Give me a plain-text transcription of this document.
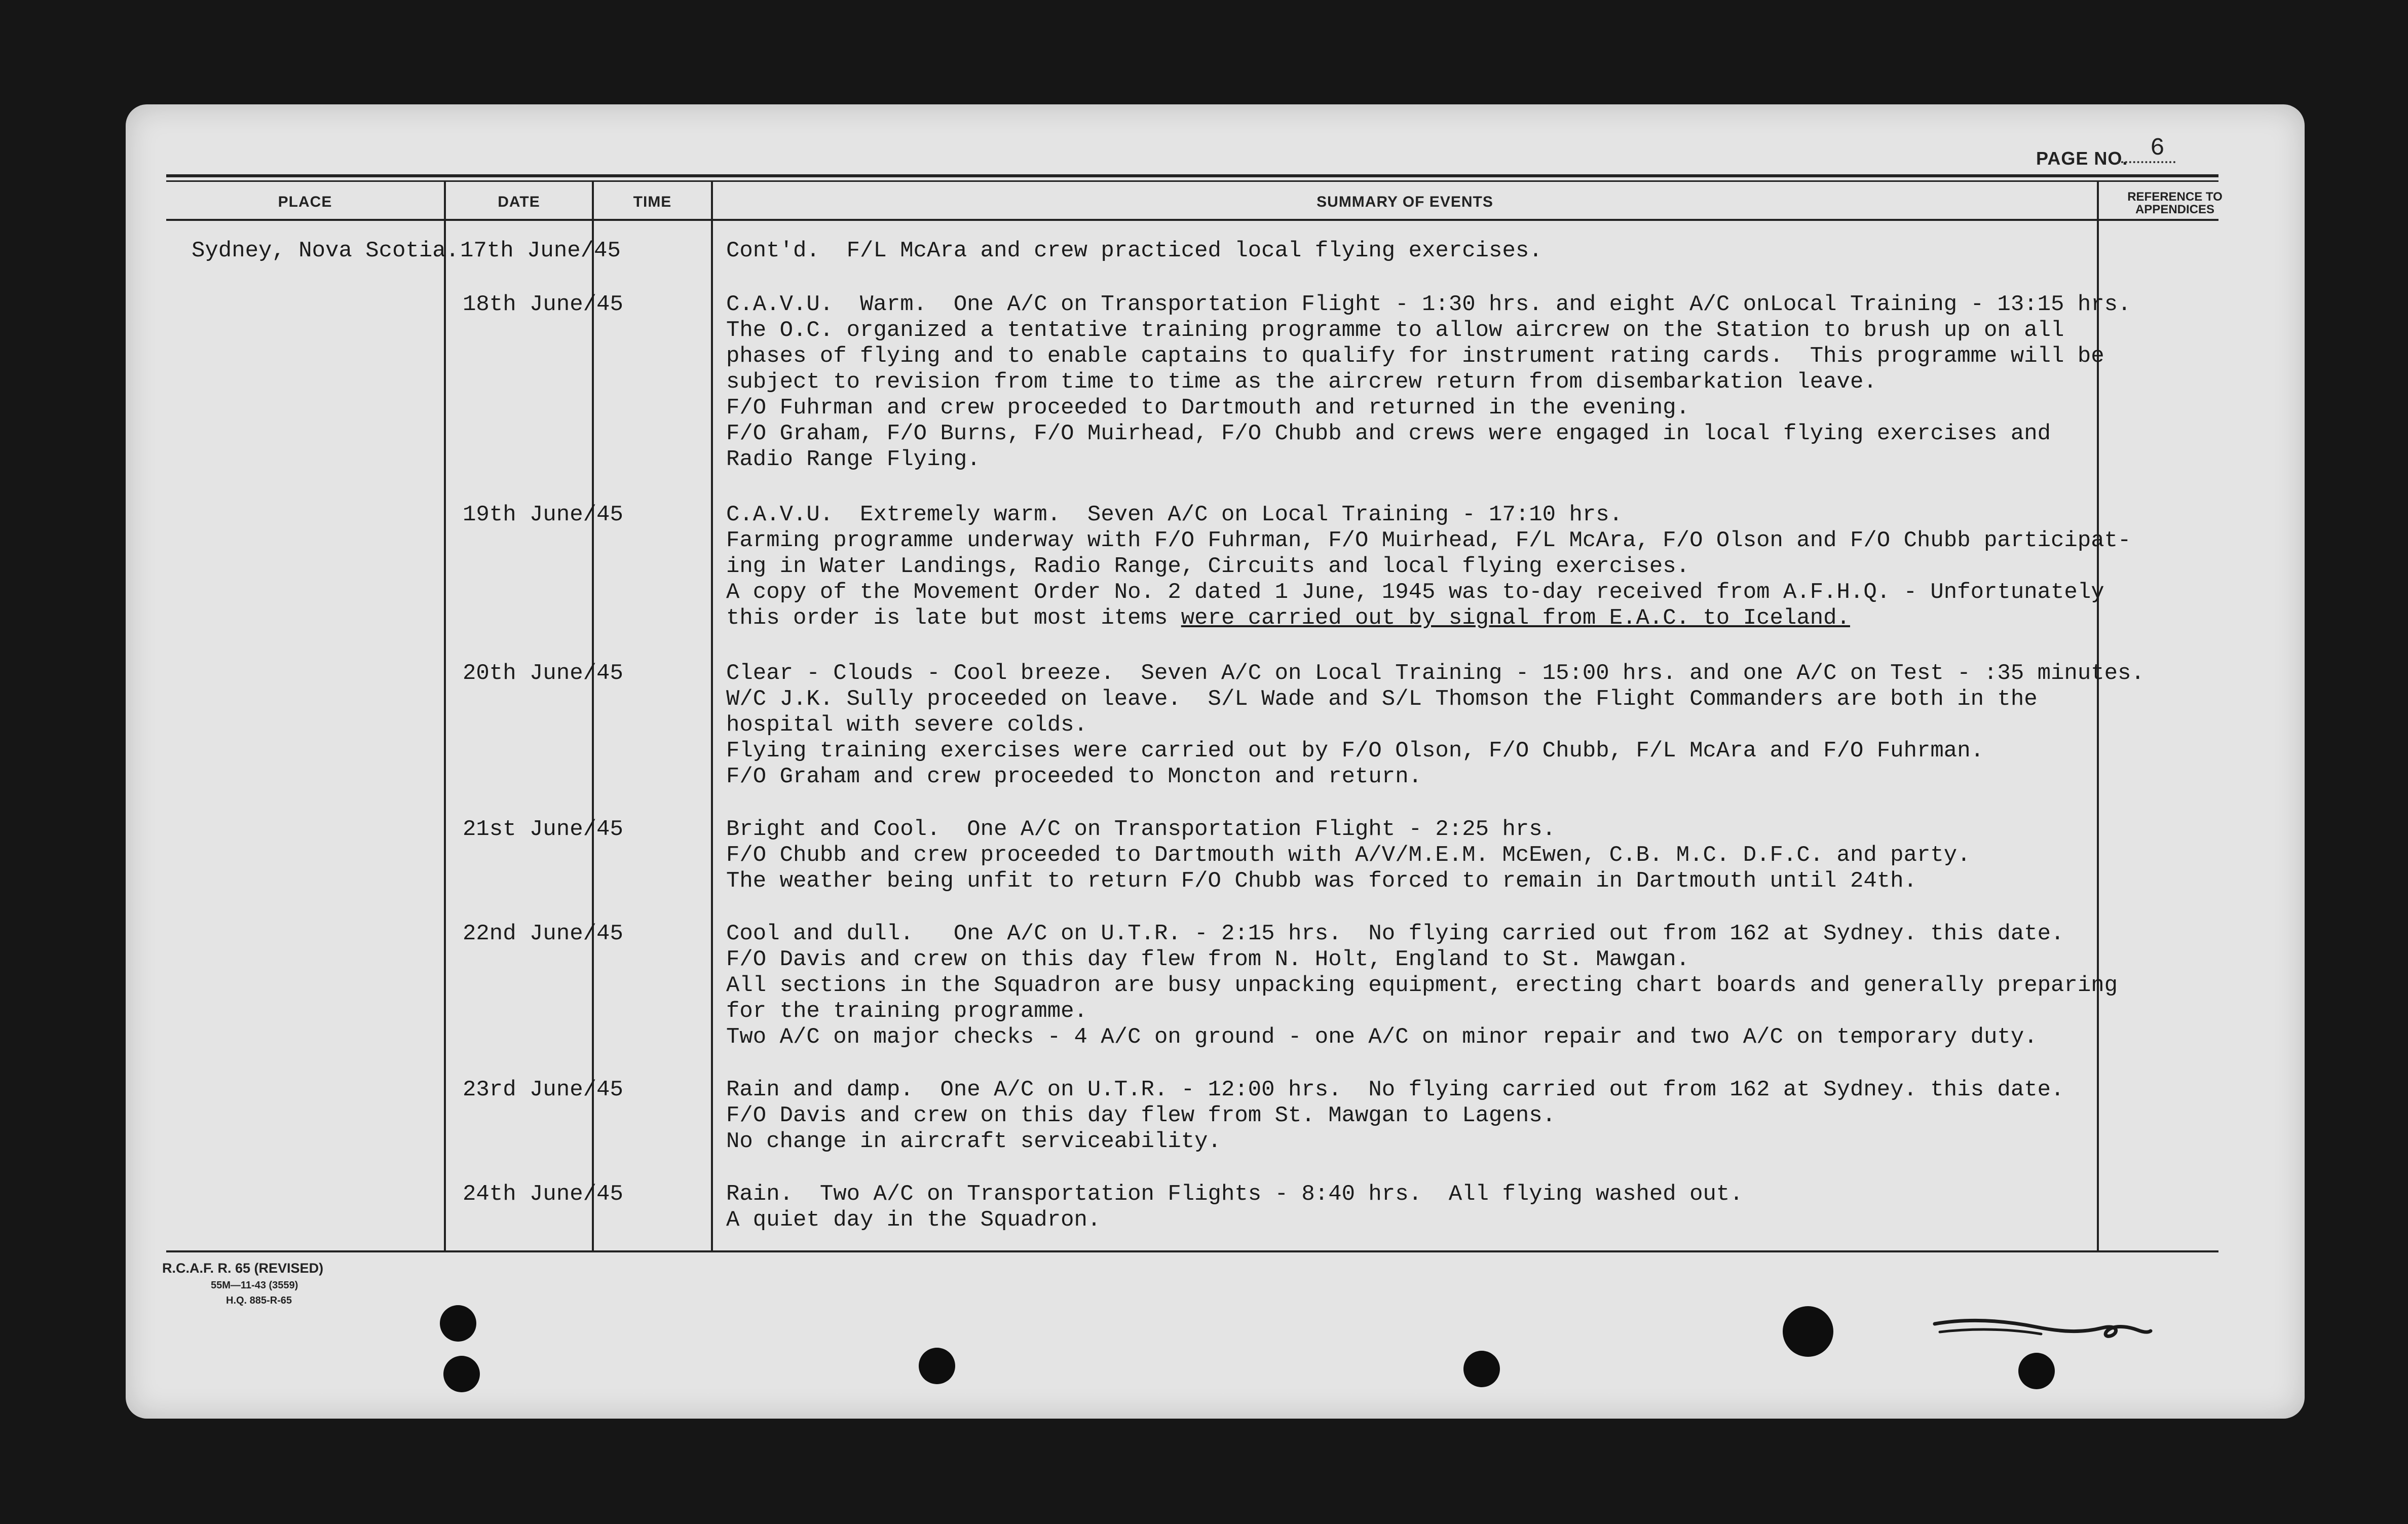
PAGE NO. 6
PLACE	DATE	TIME	SUMMARY OF EVENTS	REFERENCE TO APPENDICES
Sydney, Nova Scotia. 17th June/45	Cont'd.  F/L McAra and crew practiced local flying exercises.
18th June/45	C.A.V.U.  Warm.  One A/C on Transportation Flight - 1:30 hrs. and eight A/C onLocal Training - 13:15 hrs.
The O.C. organized a tentative training programme to allow aircrew on the Station to brush up on all
phases of flying and to enable captains to qualify for instrument rating cards.  This programme will be
subject to revision from time to time as the aircrew return from disembarkation leave.
F/O Fuhrman and crew proceeded to Dartmouth and returned in the evening.
F/O Graham, F/O Burns, F/O Muirhead, F/O Chubb and crews were engaged in local flying exercises and
Radio Range Flying.
19th June/45	C.A.V.U.  Extremely warm.  Seven A/C on Local Training - 17:10 hrs.
Farming programme underway with F/O Fuhrman, F/O Muirhead, F/L McAra, F/O Olson and F/O Chubb participat-
ing in Water Landings, Radio Range, Circuits and local flying exercises.
A copy of the Movement Order No. 2 dated 1 June, 1945 was to-day received from A.F.H.Q. - Unfortunately
this order is late but most items were carried out by signal from E.A.C. to Iceland.
20th June/45	Clear - Clouds - Cool breeze.  Seven A/C on Local Training - 15:00 hrs. and one A/C on Test - :35 minutes.
W/C J.K. Sully proceeded on leave.  S/L Wade and S/L Thomson the Flight Commanders are both in the
hospital with severe colds.
Flying training exercises were carried out by F/O Olson, F/O Chubb, F/L McAra and F/O Fuhrman.
F/O Graham and crew proceeded to Moncton and return.
21st June/45	Bright and Cool.  One A/C on Transportation Flight - 2:25 hrs.
F/O Chubb and crew proceeded to Dartmouth with A/V/M.E.M. McEwen, C.B. M.C. D.F.C. and party.
The weather being unfit to return F/O Chubb was forced to remain in Dartmouth until 24th.
22nd June/45	Cool and dull.   One A/C on U.T.R. - 2:15 hrs.  No flying carried out from 162 at Sydney. this date.
F/O Davis and crew on this day flew from N. Holt, England to St. Mawgan.
All sections in the Squadron are busy unpacking equipment, erecting chart boards and generally preparing
for the training programme.
Two A/C on major checks - 4 A/C on ground - one A/C on minor repair and two A/C on temporary duty.
23rd June/45	Rain and damp.  One A/C on U.T.R. - 12:00 hrs.  No flying carried out from 162 at Sydney. this date.
F/O Davis and crew on this day flew from St. Mawgan to Lagens.
No change in aircraft serviceability.
24th June/45	Rain.  Two A/C on Transportation Flights - 8:40 hrs.  All flying washed out.
A quiet day in the Squadron.
R.C.A.F. R. 65 (REVISED)
55M—11-43 (3559)
H.Q. 885-R-65
